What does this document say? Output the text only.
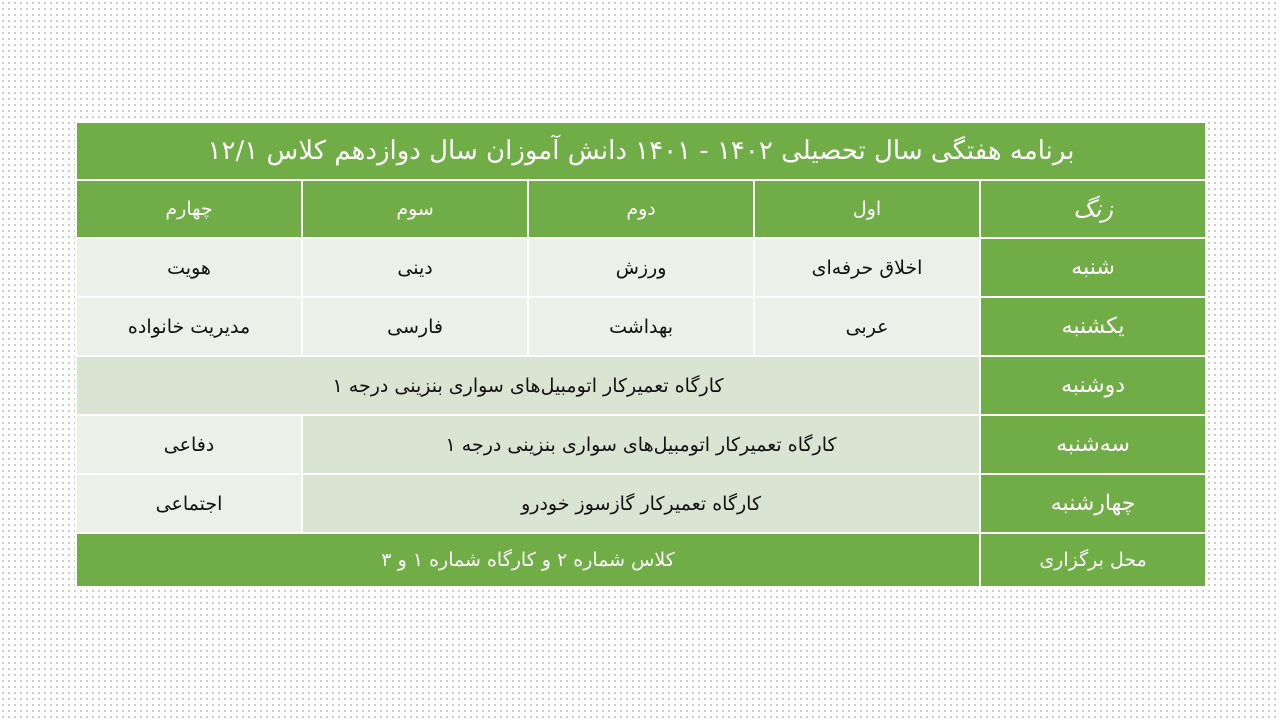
برنامه هفتگی سال تحصیلی ۱۴۰۲ - ۱۴۰۱ دانش آموزان سال دوازدهم کلاس ۱۲/۱				
زنگ	اول	دوم	سوم	چهارم
شنبه	اخلاق حرفه‌ای	ورزش	دینی	هویت
یکشنبه	عربی	بهداشت	فارسی	مدیریت خانواده
دوشنبه	کارگاه تعمیرکار اتومبیل‌های سواری بنزینی درجه ۱			
سه‌شنبه	کارگاه تعمیرکار اتومبیل‌های سواری بنزینی درجه ۱			دفاعی
چهارشنبه	کارگاه تعمیرکار گازسوز خودرو			اجتماعی
محل برگزاری	کلاس شماره ۲ و کارگاه شماره ۱ و ۳			
